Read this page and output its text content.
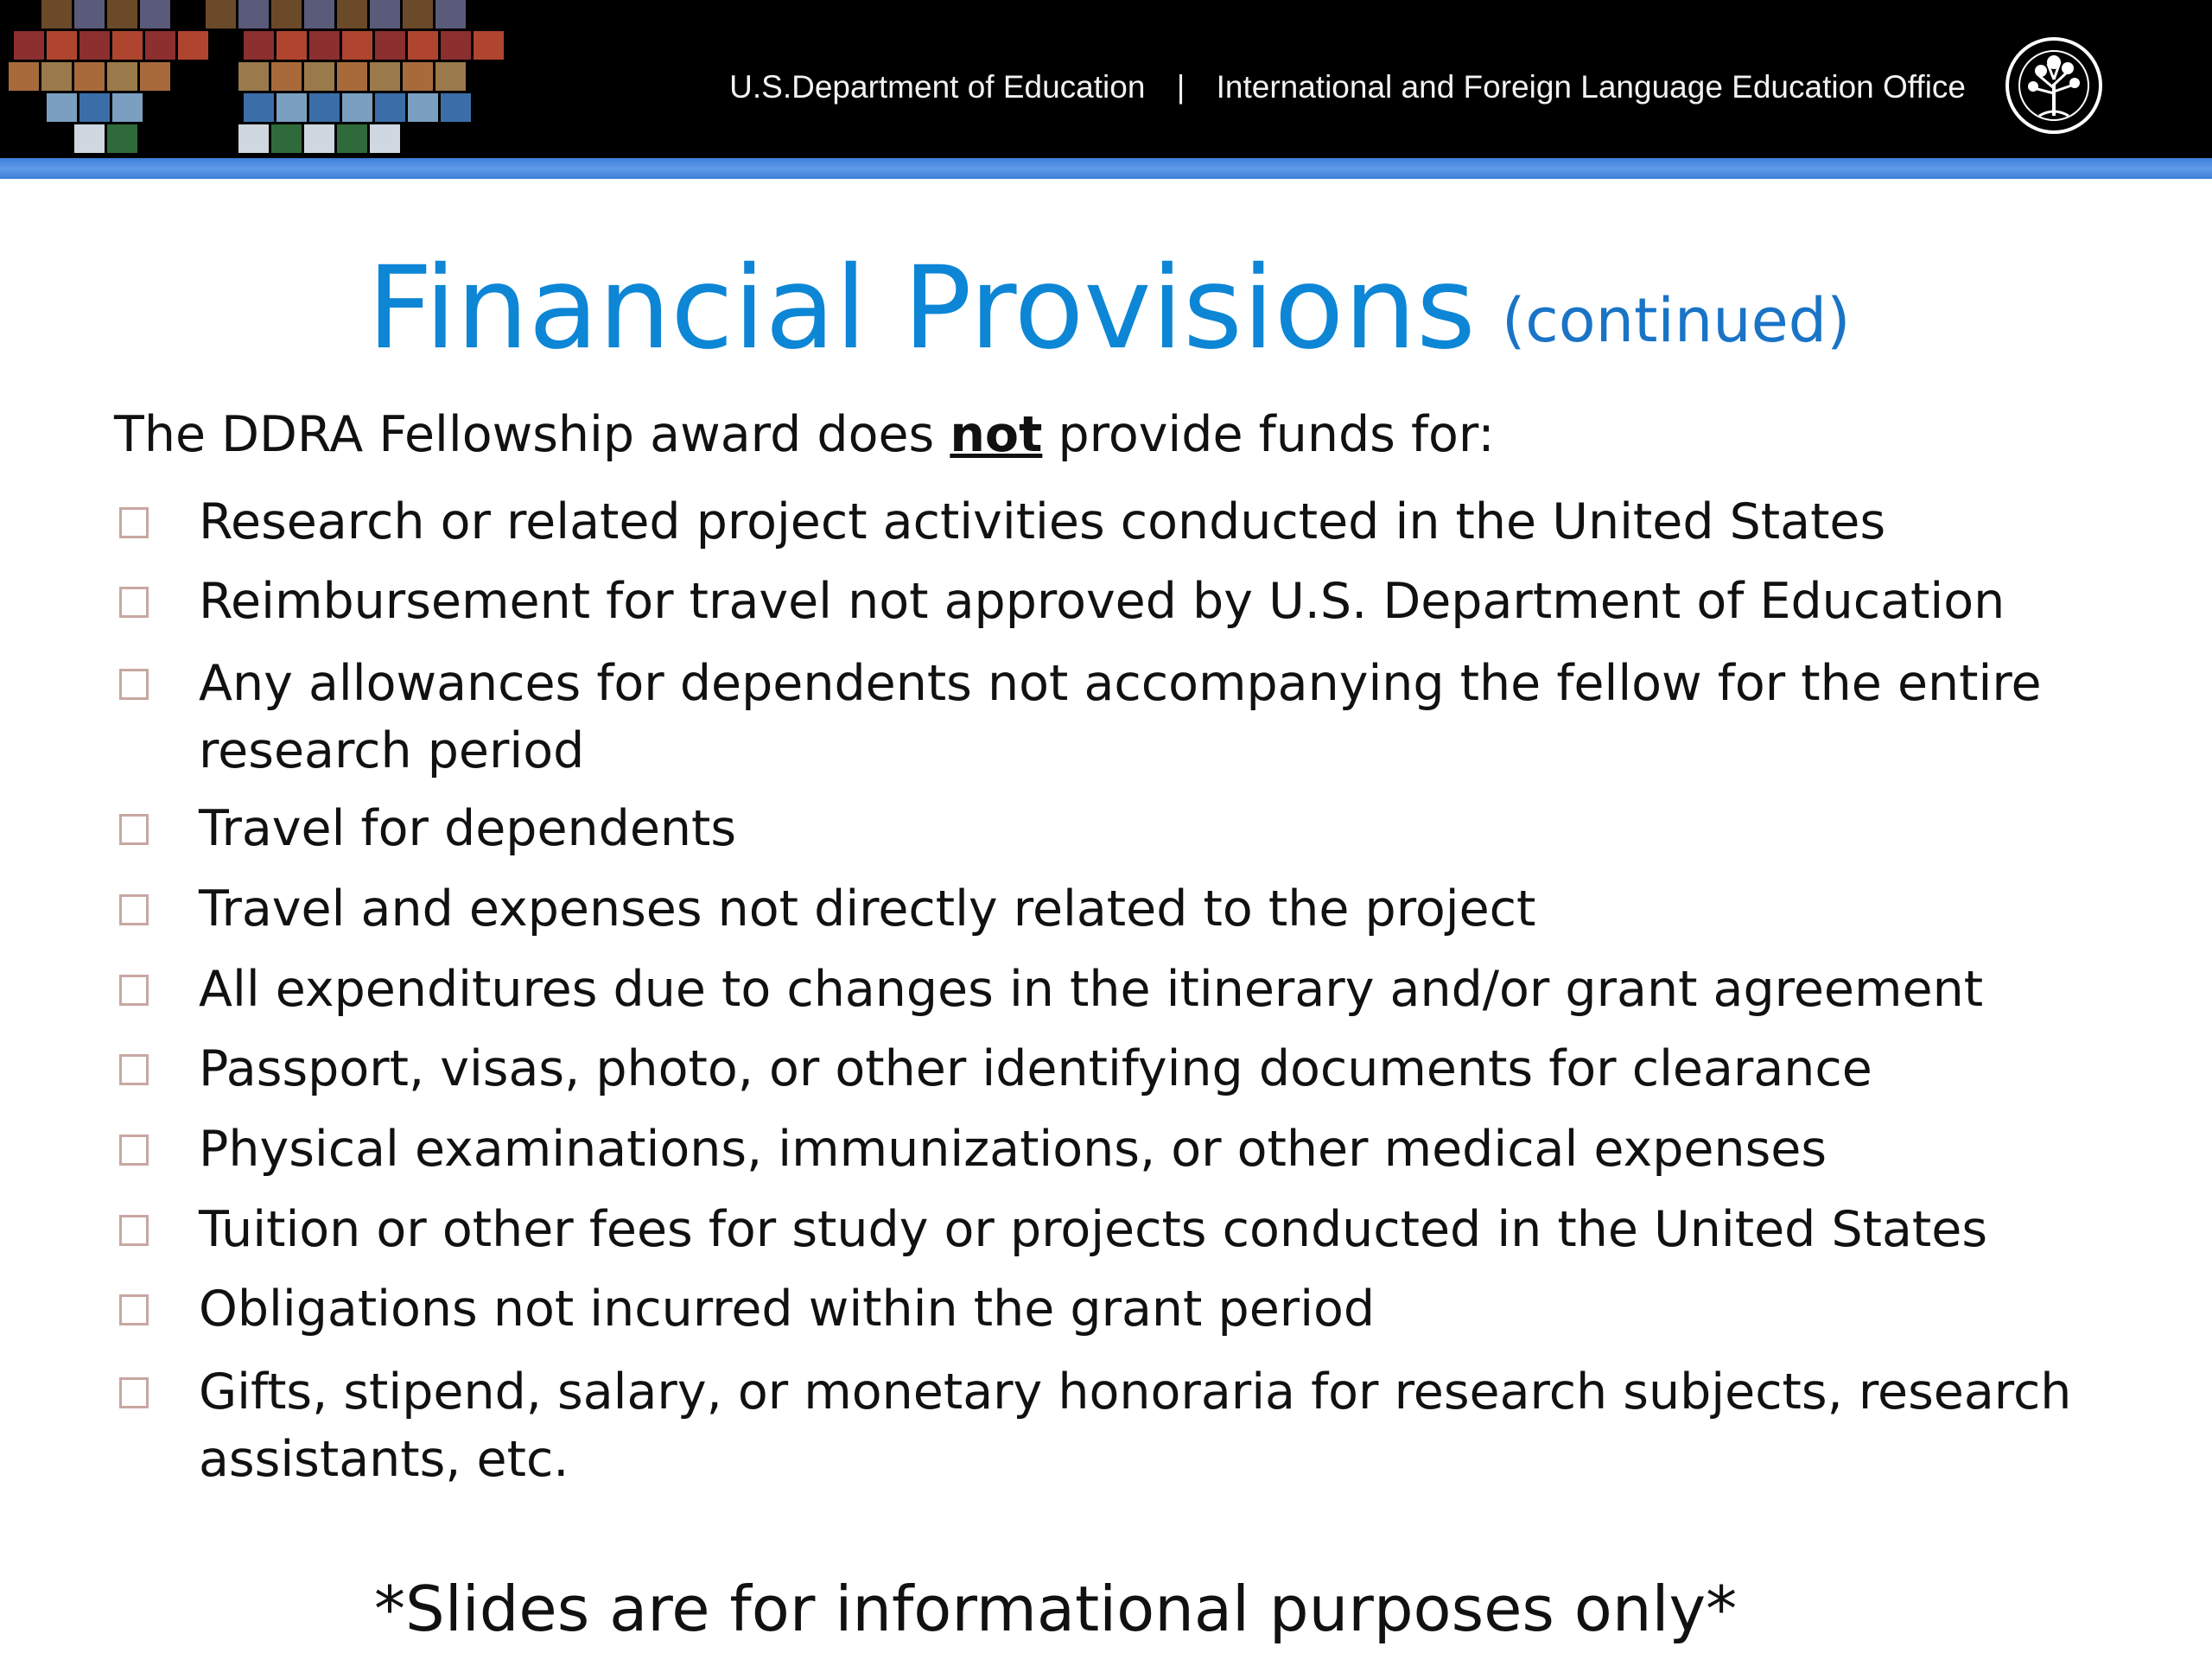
U.S.Department of Education | International and Foreign Language Education Office
Financial Provisions (continued)
The DDRA Fellowship award does not provide funds for:
Research or related project activities conducted in the United States
Reimbursement for travel not approved by U.S. Department of Education
Any allowances for dependents not accompanying the fellow for the entire research period
Travel for dependents
Travel and expenses not directly related to the project
All expenditures due to changes in the itinerary and/or grant agreement
Passport, visas, photo, or other identifying documents for clearance
Physical examinations, immunizations, or other medical expenses
Tuition or other fees for study or projects conducted in the United States
Obligations not incurred within the grant period
Gifts, stipend, salary, or monetary honoraria for research subjects, research assistants, etc.
*Slides are for informational purposes only*
